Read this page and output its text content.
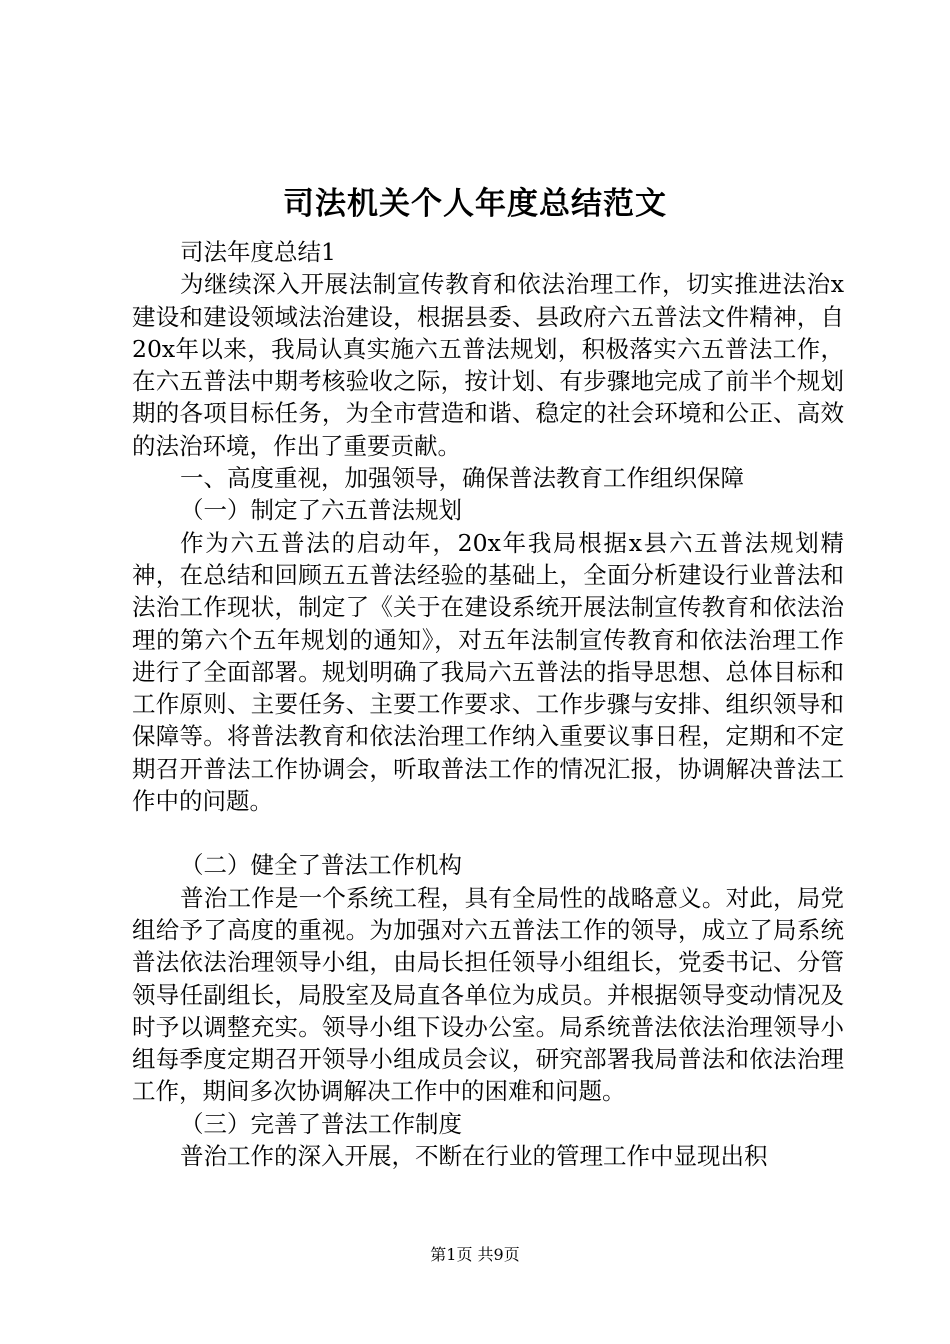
司法机关个人年度总结范文

司法年度总结1

为继续深入开展法制宣传教育和依法治理工作，切实推进法治x建设和建设领域法治建设，根据县委、县政府六五普法文件精神，自20x年以来，我局认真实施六五普法规划，积极落实六五普法工作，在六五普法中期考核验收之际，按计划、有步骤地完成了前半个规划期的各项目标任务，为全市营造和谐、稳定的社会环境和公正、高效的法治环境，作出了重要贡献。

一、高度重视，加强领导，确保普法教育工作组织保障

（一）制定了六五普法规划

作为六五普法的启动年，20x年我局根据x县六五普法规划精神，在总结和回顾五五普法经验的基础上，全面分析建设行业普法和法治工作现状，制定了《关于在建设系统开展法制宣传教育和依法治理的第六个五年规划的通知》，对五年法制宣传教育和依法治理工作进行了全面部署。规划明确了我局六五普法的指导思想、总体目标和工作原则、主要任务、主要工作要求、工作步骤与安排、组织领导和保障等。将普法教育和依法治理工作纳入重要议事日程，定期和不定期召开普法工作协调会，听取普法工作的情况汇报，协调解决普法工作中的问题。

（二）健全了普法工作机构

普治工作是一个系统工程，具有全局性的战略意义。对此，局党组给予了高度的重视。为加强对六五普法工作的领导，成立了局系统普法依法治理领导小组，由局长担任领导小组组长，党委书记、分管领导任副组长，局股室及局直各单位为成员。并根据领导变动情况及时予以调整充实。领导小组下设办公室。局系统普法依法治理领导小组每季度定期召开领导小组成员会议，研究部署我局普法和依法治理工作，期间多次协调解决工作中的困难和问题。

（三）完善了普法工作制度

普治工作的深入开展，不断在行业的管理工作中显现出积

第1页 共9页
